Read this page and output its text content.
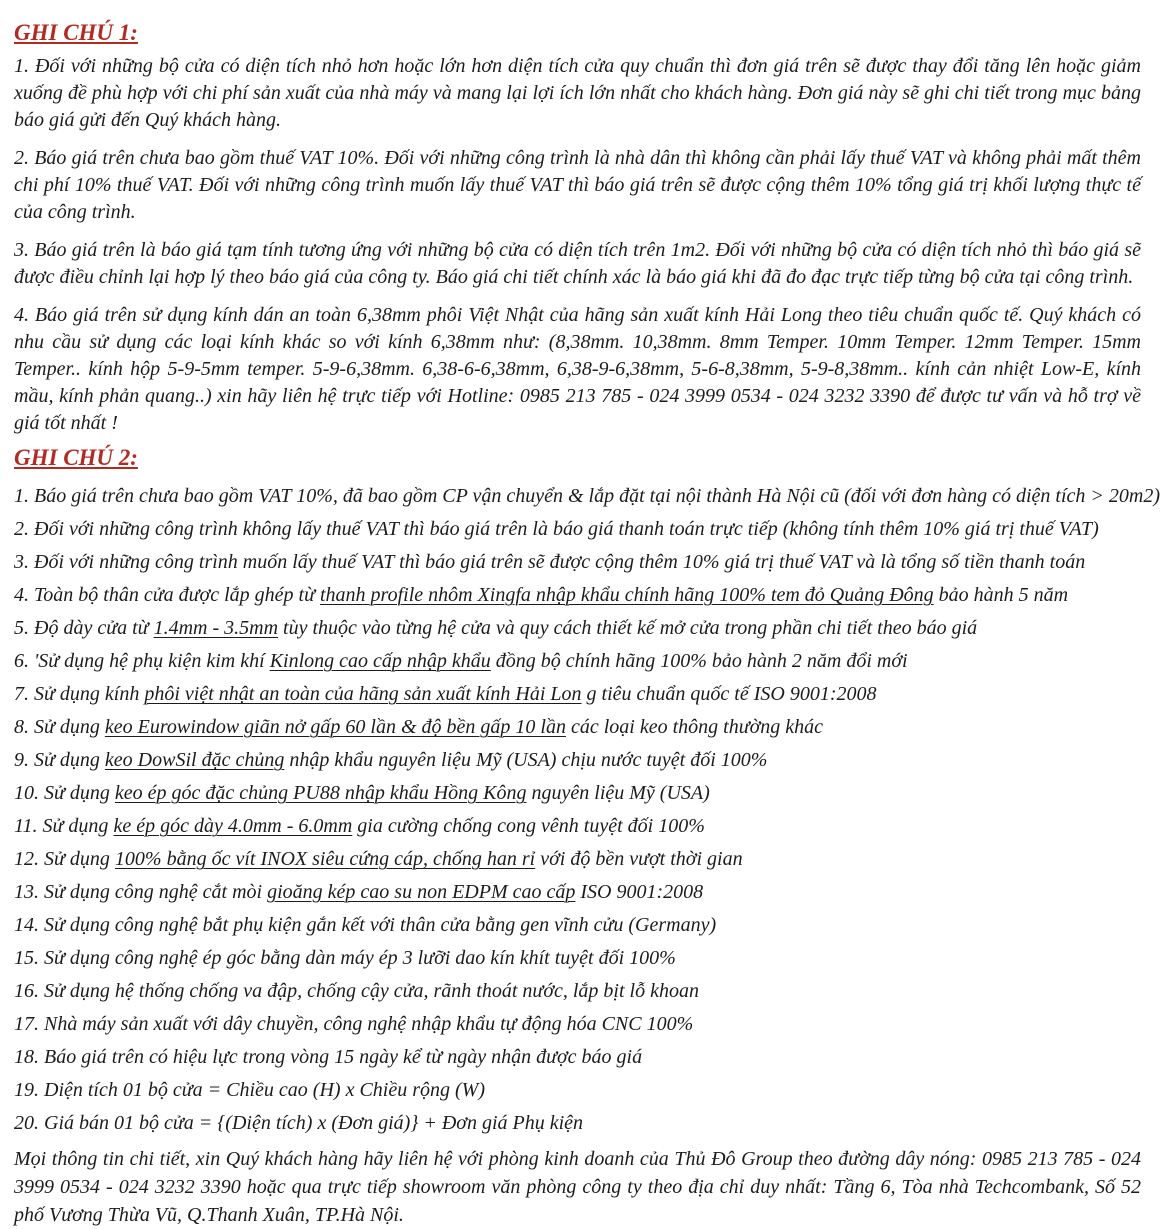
GHI CHÚ 1:

1. Đối với những bộ cửa có diện tích nhỏ hơn hoặc lớn hơn diện tích cửa quy chuẩn thì đơn giá trên sẽ được thay đổi tăng lên hoặc giảm xuống đề phù hợp với chi phí sản xuất của nhà máy và mang lại lợi ích lớn nhất cho khách hàng. Đơn giá này sẽ ghi chi tiết trong mục bảng báo giá gửi đến Quý khách hàng.

2. Báo giá trên chưa bao gồm thuế VAT 10%. Đối với những công trình là nhà dân thì không cần phải lấy thuế VAT và không phải mất thêm chi phí 10% thuế VAT. Đối với những công trình muốn lấy thuế VAT thì báo giá trên sẽ được cộng thêm 10% tổng giá trị khối lượng thực tế của công trình.

3. Báo giá trên là báo giá tạm tính tương ứng với những bộ cửa có diện tích trên 1m2. Đối với những bộ cửa có diện tích nhỏ thì báo giá sẽ được điều chỉnh lại hợp lý theo báo giá của công ty. Báo giá chi tiết chính xác là báo giá khi đã đo đạc trực tiếp từng bộ cửa tại công trình.

4. Báo giá trên sử dụng kính dán an toàn 6,38mm phôi Việt Nhật của hãng sản xuất kính Hải Long theo tiêu chuẩn quốc tế. Quý khách có nhu cầu sử dụng các loại kính khác so với kính 6,38mm như: (8,38mm. 10,38mm. 8mm Temper. 10mm Temper. 12mm Temper. 15mm Temper.. kính hộp 5-9-5mm temper. 5-9-6,38mm. 6,38-6-6,38mm, 6,38-9-6,38mm, 5-6-8,38mm, 5-9-8,38mm.. kính cản nhiệt Low-E, kính mầu, kính phản quang..) xin hãy liên hệ trực tiếp với Hotline: 0985 213 785 - 024 3999 0534 - 024 3232 3390 để được tư vấn và hỗ trợ về giá tốt nhất !

GHI CHÚ 2:

1. Báo giá trên chưa bao gồm VAT 10%, đã bao gồm CP vận chuyển & lắp đặt tại nội thành Hà Nội cũ (đối với đơn hàng có diện tích > 20m2)

2. Đối với những công trình không lấy thuế VAT thì báo giá trên là báo giá thanh toán trực tiếp (không tính thêm 10% giá trị thuế VAT)

3. Đối với những công trình muốn lấy thuế VAT thì báo giá trên sẽ được cộng thêm 10% giá trị thuế VAT và là tổng số tiền thanh toán

4. Toàn bộ thân cửa được lắp ghép từ thanh profile nhôm Xingfa nhập khẩu chính hãng 100% tem đỏ Quảng Đông bảo hành 5 năm

5. Độ dày cửa từ 1.4mm - 3.5mm tùy thuộc vào từng hệ cửa và quy cách thiết kế mở cửa trong phần chi tiết theo báo giá

6. 'Sử dụng hệ phụ kiện kim khí Kinlong cao cấp nhập khẩu đồng bộ chính hãng 100% bảo hành 2 năm đổi mới

7. Sử dụng kính phôi việt nhật an toàn của hãng sản xuất kính Hải Lon g tiêu chuẩn quốc tế ISO 9001:2008

8. Sử dụng keo Eurowindow giãn nở gấp 60 lần & độ bền gấp 10 lần các loại keo thông thường khác

9. Sử dụng keo DowSil đặc chủng nhập khẩu nguyên liệu Mỹ (USA) chịu nước tuyệt đối 100%

10. Sử dụng keo ép góc đặc chủng PU88 nhập khẩu Hồng Kông nguyên liệu Mỹ (USA)

11. Sử dụng ke ép góc dày 4.0mm - 6.0mm gia cường chống cong vênh tuyệt đối 100%

12. Sử dụng 100% bằng ốc vít INOX siêu cứng cáp, chống han rỉ với độ bền vượt thời gian

13. Sử dụng công nghệ cắt mòi gioăng kép cao su non EDPM cao cấp ISO 9001:2008

14. Sử dụng công nghệ bắt phụ kiện gắn kết với thân cửa bằng gen vĩnh cửu (Germany)

15. Sử dụng công nghệ ép góc bằng dàn máy ép 3 lưỡi dao kín khít tuyệt đối 100%

16. Sử dụng hệ thống chống va đập, chống cậy cửa, rãnh thoát nước, lắp bịt lỗ khoan

17. Nhà máy sản xuất với dây chuyền, công nghệ nhập khẩu tự động hóa CNC 100%

18. Báo giá trên có hiệu lực trong vòng 15 ngày kể từ ngày nhận được báo giá

19. Diện tích 01 bộ cửa = Chiều cao (H) x Chiều rộng (W)

20. Giá bán 01 bộ cửa = {(Diện tích) x (Đơn giá)} + Đơn giá Phụ kiện

Mọi thông tin chi tiết, xin Quý khách hàng hãy liên hệ với phòng kinh doanh của Thủ Đô Group theo đường dây nóng: 0985 213 785 - 024 3999 0534 - 024 3232 3390 hoặc qua trực tiếp showroom văn phòng công ty theo địa chỉ duy nhất: Tầng 6, Tòa nhà Techcombank, Số 52 phố Vương Thừa Vũ, Q.Thanh Xuân, TP.Hà Nội.
